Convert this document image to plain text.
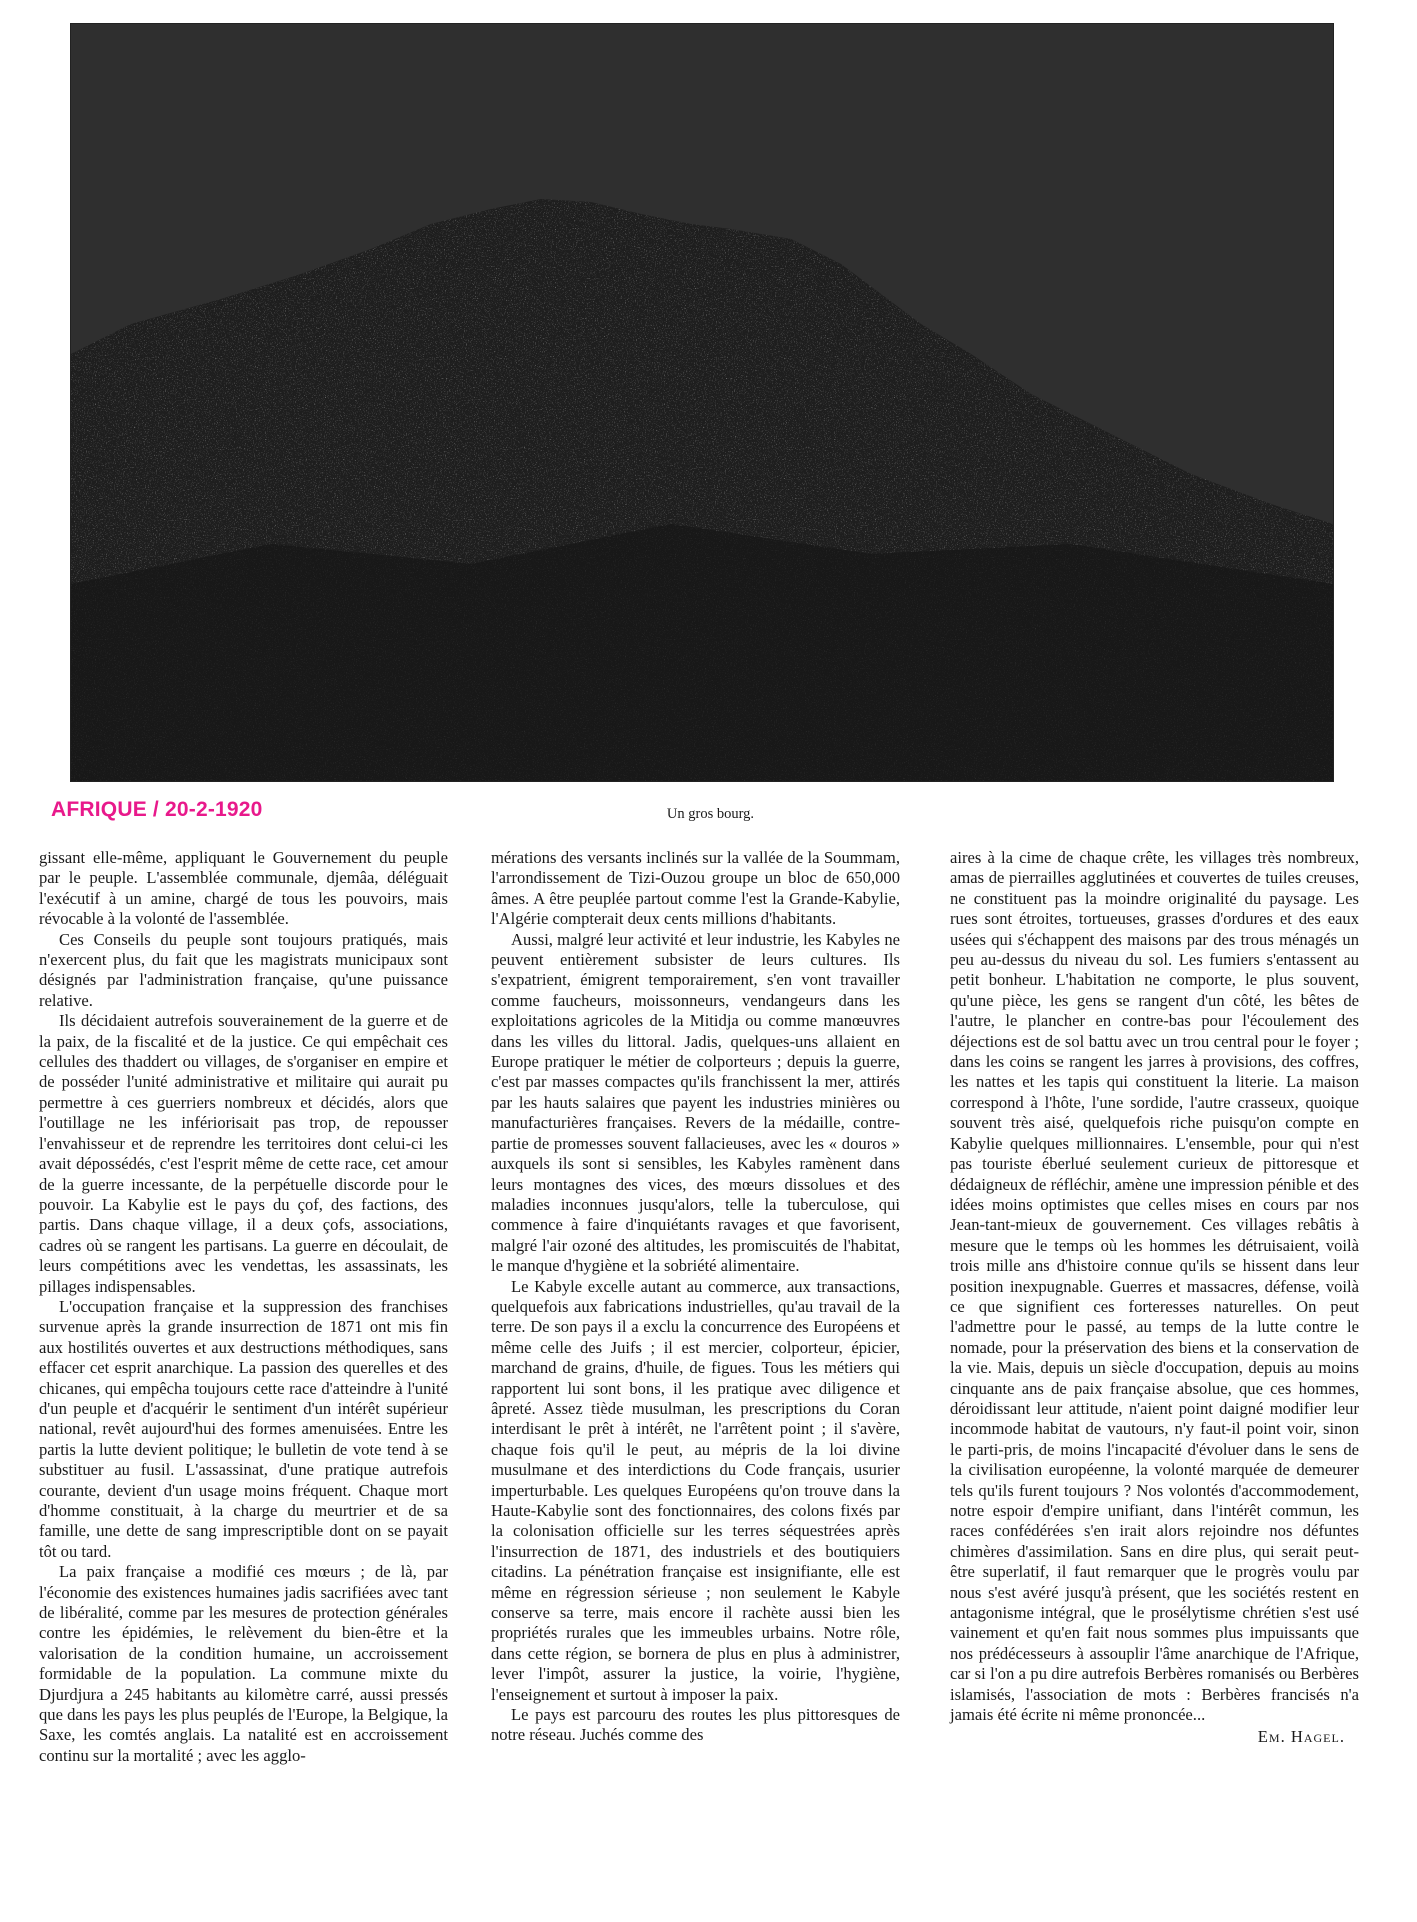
AFRIQUE / 20-2-1920	Un gros bourg.

gissant elle-même, appliquant le Gouvernement du peuple par le peuple. L'assemblée communale, djemâa, déléguait l'exécutif à un amine, chargé de tous les pouvoirs, mais révocable à la volonté de l'assemblée.

Ces Conseils du peuple sont toujours pratiqués, mais n'exercent plus, du fait que les magistrats municipaux sont désignés par l'administration française, qu'une puissance relative.

Ils décidaient autrefois souverainement de la guerre et de la paix, de la fiscalité et de la justice. Ce qui empêchait ces cellules des thaddert ou villages, de s'organiser en empire et de posséder l'unité administrative et militaire qui aurait pu permettre à ces guerriers nombreux et décidés, alors que l'outillage ne les infériorisait pas trop, de repousser l'envahisseur et de reprendre les territoires dont celui-ci les avait dépossédés, c'est l'esprit même de cette race, cet amour de la guerre incessante, de la perpétuelle discorde pour le pouvoir. La Kabylie est le pays du çof, des factions, des partis. Dans chaque village, il a deux çofs, associations, cadres où se rangent les partisans. La guerre en découlait, de leurs compétitions avec les vendettas, les assassinats, les pillages indispensables.

L'occupation française et la suppression des franchises survenue après la grande insurrection de 1871 ont mis fin aux hostilités ouvertes et aux destructions méthodiques, sans effacer cet esprit anarchique. La passion des querelles et des chicanes, qui empêcha toujours cette race d'atteindre à l'unité d'un peuple et d'acquérir le sentiment d'un intérêt supérieur national, revêt aujourd'hui des formes amenuisées. Entre les partis la lutte devient politique; le bulletin de vote tend à se substituer au fusil. L'assassinat, d'une pratique autrefois courante, devient d'un usage moins fréquent. Chaque mort d'homme constituait, à la charge du meurtrier et de sa famille, une dette de sang imprescriptible dont on se payait tôt ou tard.

La paix française a modifié ces mœurs ; de là, par l'économie des existences humaines jadis sacrifiées avec tant de libéralité, comme par les mesures de protection générales contre les épidémies, le relèvement du bien-être et la valorisation de la condition humaine, un accroissement formidable de la population. La commune mixte du Djurdjura a 245 habitants au kilomètre carré, aussi pressés que dans les pays les plus peuplés de l'Europe, la Belgique, la Saxe, les comtés anglais. La natalité est en accroissement continu sur la mortalité ; avec les agglo-

mérations des versants inclinés sur la vallée de la Soummam, l'arrondissement de Tizi-Ouzou groupe un bloc de 650,000 âmes. A être peuplée partout comme l'est la Grande-Kabylie, l'Algérie compterait deux cents millions d'habitants.

Aussi, malgré leur activité et leur industrie, les Kabyles ne peuvent entièrement subsister de leurs cultures. Ils s'expatrient, émigrent temporairement, s'en vont travailler comme faucheurs, moissonneurs, vendangeurs dans les exploitations agricoles de la Mitidja ou comme manœuvres dans les villes du littoral. Jadis, quelques-uns allaient en Europe pratiquer le métier de colporteurs ; depuis la guerre, c'est par masses compactes qu'ils franchissent la mer, attirés par les hauts salaires que payent les industries minières ou manufacturières françaises. Revers de la médaille, contre-partie de promesses souvent fallacieuses, avec les « douros » auxquels ils sont si sensibles, les Kabyles ramènent dans leurs montagnes des vices, des mœurs dissolues et des maladies inconnues jusqu'alors, telle la tuberculose, qui commence à faire d'inquiétants ravages et que favorisent, malgré l'air ozoné des altitudes, les promiscuités de l'habitat, le manque d'hygiène et la sobriété alimentaire.

Le Kabyle excelle autant au commerce, aux transactions, quelquefois aux fabrications industrielles, qu'au travail de la terre. De son pays il a exclu la concurrence des Européens et même celle des Juifs ; il est mercier, colporteur, épicier, marchand de grains, d'huile, de figues. Tous les métiers qui rapportent lui sont bons, il les pratique avec diligence et âpreté. Assez tiède musulman, les prescriptions du Coran interdisant le prêt à intérêt, ne l'arrêtent point ; il s'avère, chaque fois qu'il le peut, au mépris de la loi divine musulmane et des interdictions du Code français, usurier imperturbable. Les quelques Européens qu'on trouve dans la Haute-Kabylie sont des fonctionnaires, des colons fixés par la colonisation officielle sur les terres séquestrées après l'insurrection de 1871, des industriels et des boutiquiers citadins. La pénétration française est insignifiante, elle est même en régression sérieuse ; non seulement le Kabyle conserve sa terre, mais encore il rachète aussi bien les propriétés rurales que les immeubles urbains. Notre rôle, dans cette région, se bornera de plus en plus à administrer, lever l'impôt, assurer la justice, la voirie, l'hygiène, l'enseignement et surtout à imposer la paix.

Le pays est parcouru des routes les plus pittoresques de notre réseau. Juchés comme des

aires à la cime de chaque crête, les villages très nombreux, amas de pierrailles agglutinées et couvertes de tuiles creuses, ne constituent pas la moindre originalité du paysage. Les rues sont étroites, tortueuses, grasses d'ordures et des eaux usées qui s'échappent des maisons par des trous ménagés un peu au-dessus du niveau du sol. Les fumiers s'entassent au petit bonheur. L'habitation ne comporte, le plus souvent, qu'une pièce, les gens se rangent d'un côté, les bêtes de l'autre, le plancher en contre-bas pour l'écoulement des déjections est de sol battu avec un trou central pour le foyer ; dans les coins se rangent les jarres à provisions, des coffres, les nattes et les tapis qui constituent la literie. La maison correspond à l'hôte, l'une sordide, l'autre crasseux, quoique souvent très aisé, quelquefois riche puisqu'on compte en Kabylie quelques millionnaires. L'ensemble, pour qui n'est pas touriste éberlué seulement curieux de pittoresque et dédaigneux de réfléchir, amène une impression pénible et des idées moins optimistes que celles mises en cours par nos Jean-tant-mieux de gouvernement. Ces villages rebâtis à mesure que le temps où les hommes les détruisaient, voilà trois mille ans d'histoire connue qu'ils se hissent dans leur position inexpugnable. Guerres et massacres, défense, voilà ce que signifient ces forteresses naturelles. On peut l'admettre pour le passé, au temps de la lutte contre le nomade, pour la préservation des biens et la conservation de la vie. Mais, depuis un siècle d'occupation, depuis au moins cinquante ans de paix française absolue, que ces hommes, déroidissant leur attitude, n'aient point daigné modifier leur incommode habitat de vautours, n'y faut-il point voir, sinon le parti-pris, de moins l'incapacité d'évoluer dans le sens de la civilisation européenne, la volonté marquée de demeurer tels qu'ils furent toujours ? Nos volontés d'accommodement, notre espoir d'empire unifiant, dans l'intérêt commun, les races confédérées s'en irait alors rejoindre nos défuntes chimères d'assimilation. Sans en dire plus, qui serait peut-être superlatif, il faut remarquer que le progrès voulu par nous s'est avéré jusqu'à présent, que les sociétés restent en antagonisme intégral, que le prosélytisme chrétien s'est usé vainement et qu'en fait nous sommes plus impuissants que nos prédécesseurs à assouplir l'âme anarchique de l'Afrique, car si l'on a pu dire autrefois Berbères romanisés ou Berbères islamisés, l'association de mots : Berbères francisés n'a jamais été écrite ni même prononcée...

Em. Hagel.
